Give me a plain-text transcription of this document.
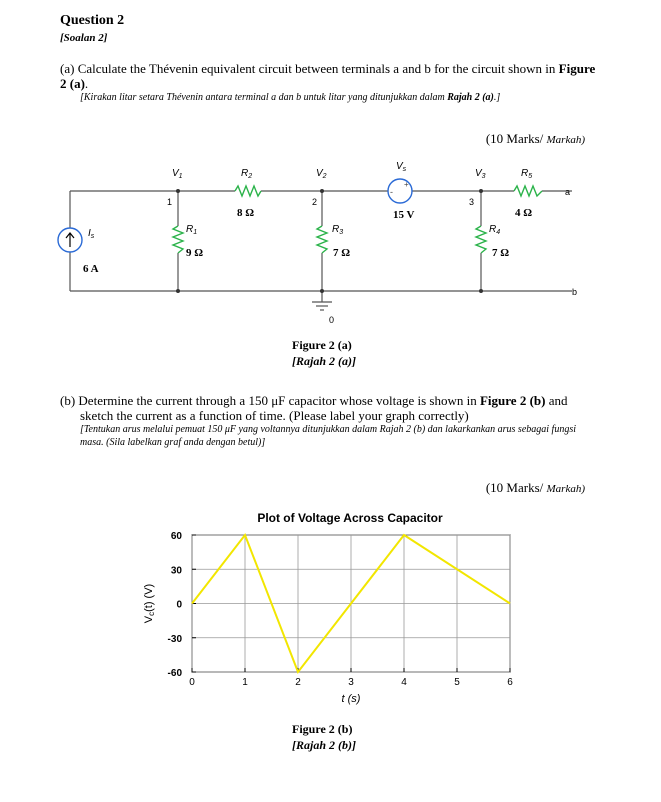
Question 2
[Soalan 2]
(a) Calculate the Thévenin equivalent circuit between terminals a and b for the circuit shown in Figure 2 (a).
[Kirakan litar setara Thévenin antara terminal a dan b untuk litar yang ditunjukkan dalam Rajah 2 (a).]
(10 Marks/ Markah)
+
-
$V_1$	$V_2$	$V_3$
$V_s$
1	2	3
0
$R_2$	$R_5$
$R_1$	$R_3$	$R_4$
$I_s$
a
b
8 Ω	4 Ω
9 Ω	7 Ω	7 Ω
15 V
6 A
Figure 2 (a)
[Rajah 2 (a)]
(b) Determine the current through a 150 μF capacitor whose voltage is shown in Figure 2 (b) and sketch the current as a function of time. (Please label your graph correctly)
[Tentukan arus melalui pemuat 150 μF yang voltannya ditunjukkan dalam Rajah 2 (b) dan lakarkankan arus sebagai fungsi masa. (Sila labelkan graf anda dengan betul)]
(10 Marks/ Markah)
Plot of Voltage Across Capacitor
60
30
0
-30
-60
0	1	2	3	4	5	6
t (s)
Vc(t) (V)
Figure 2 (b)
[Rajah 2 (b)]
